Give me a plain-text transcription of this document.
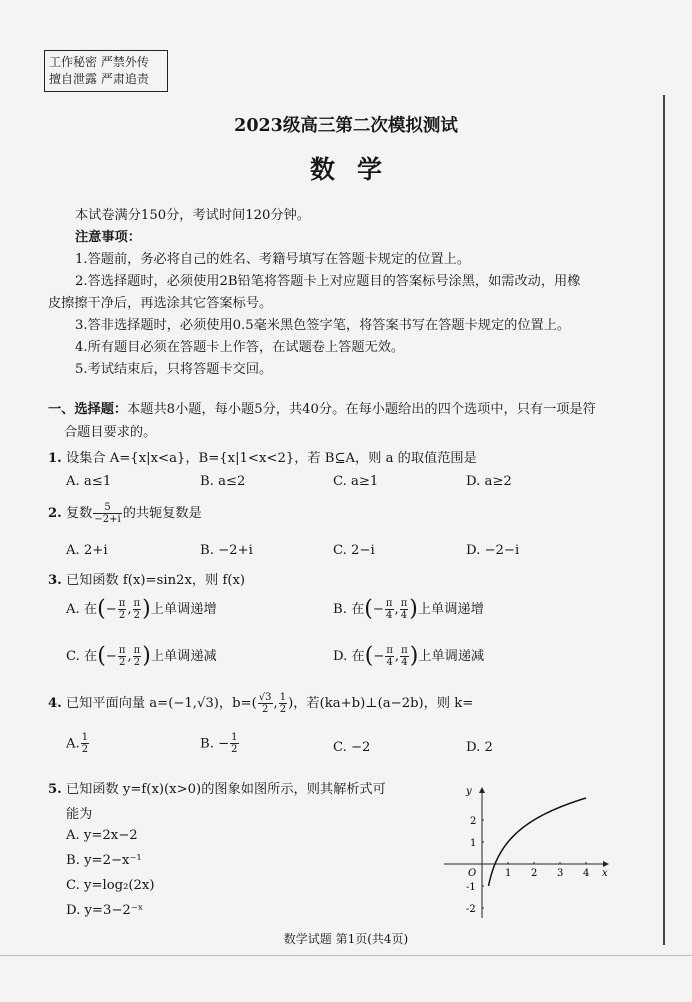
工作秘密 严禁外传
擅自泄露 严肃追责
2023级高三第二次模拟测试
数学
本试卷满分150分，考试时间120分钟。
注意事项：
1.答题前，务必将自己的姓名、考籍号填写在答题卡规定的位置上。
2.答选择题时，必须使用2B铅笔将答题卡上对应题目的答案标号涂黑，如需改动，用橡
皮擦擦干净后，再选涂其它答案标号。
3.答非选择题时，必须使用0.5毫米黑色签字笔，将答案书写在答题卡规定的位置上。
4.所有题目必须在答题卡上作答，在试题卷上答题无效。
5.考试结束后，只将答题卡交回。
一、选择题：本题共8小题，每小题5分，共40分。在每小题给出的四个选项中，只有一项是符
合题目要求的。
1. 设集合 A={x|x<a}，B={x|1<x<2}，若 B⊆A，则 a 的取值范围是
A. a≤1	B. a≤2	C. a≥1	D. a≥2
2. 复数 $\frac{5}{-2+i}$ 的共轭复数是
A. 2+i	B. −2+i	C. 2−i	D. −2−i
3. 已知函数 f(x)=sin2x，则 f(x)
A. 在(− $\frac{\pi}{2}$ , $\frac{\pi}{2}$ )上单调递增	B. 在(− $\frac{\pi}{4}$ , $\frac{\pi}{4}$ )上单调递增
C. 在(− $\frac{\pi}{2}$ , $\frac{\pi}{2}$ )上单调递减	D. 在(− $\frac{\pi}{4}$ , $\frac{\pi}{4}$ )上单调递减
4. 已知平面向量 a=(−1,√3)，$b=( \frac{√3}{2}$ , $\frac{1}{2}$ )，若(ka+b)⊥(a−2b)，则 k=
A. $\frac{1}{2}$	B. − $\frac{1}{2}$	C. −2	D. 2
5. 已知函数 y=f(x)(x>0)的图象如图所示，则其解析式可
能为
A. y=2x−2
B. y=2−x⁻¹
C. y=log₂(2x)
D. y=3−2⁻ˣ
y
x
O	1 2 3 4
2
1
-1
-2
数学试题 第1页(共4页)
